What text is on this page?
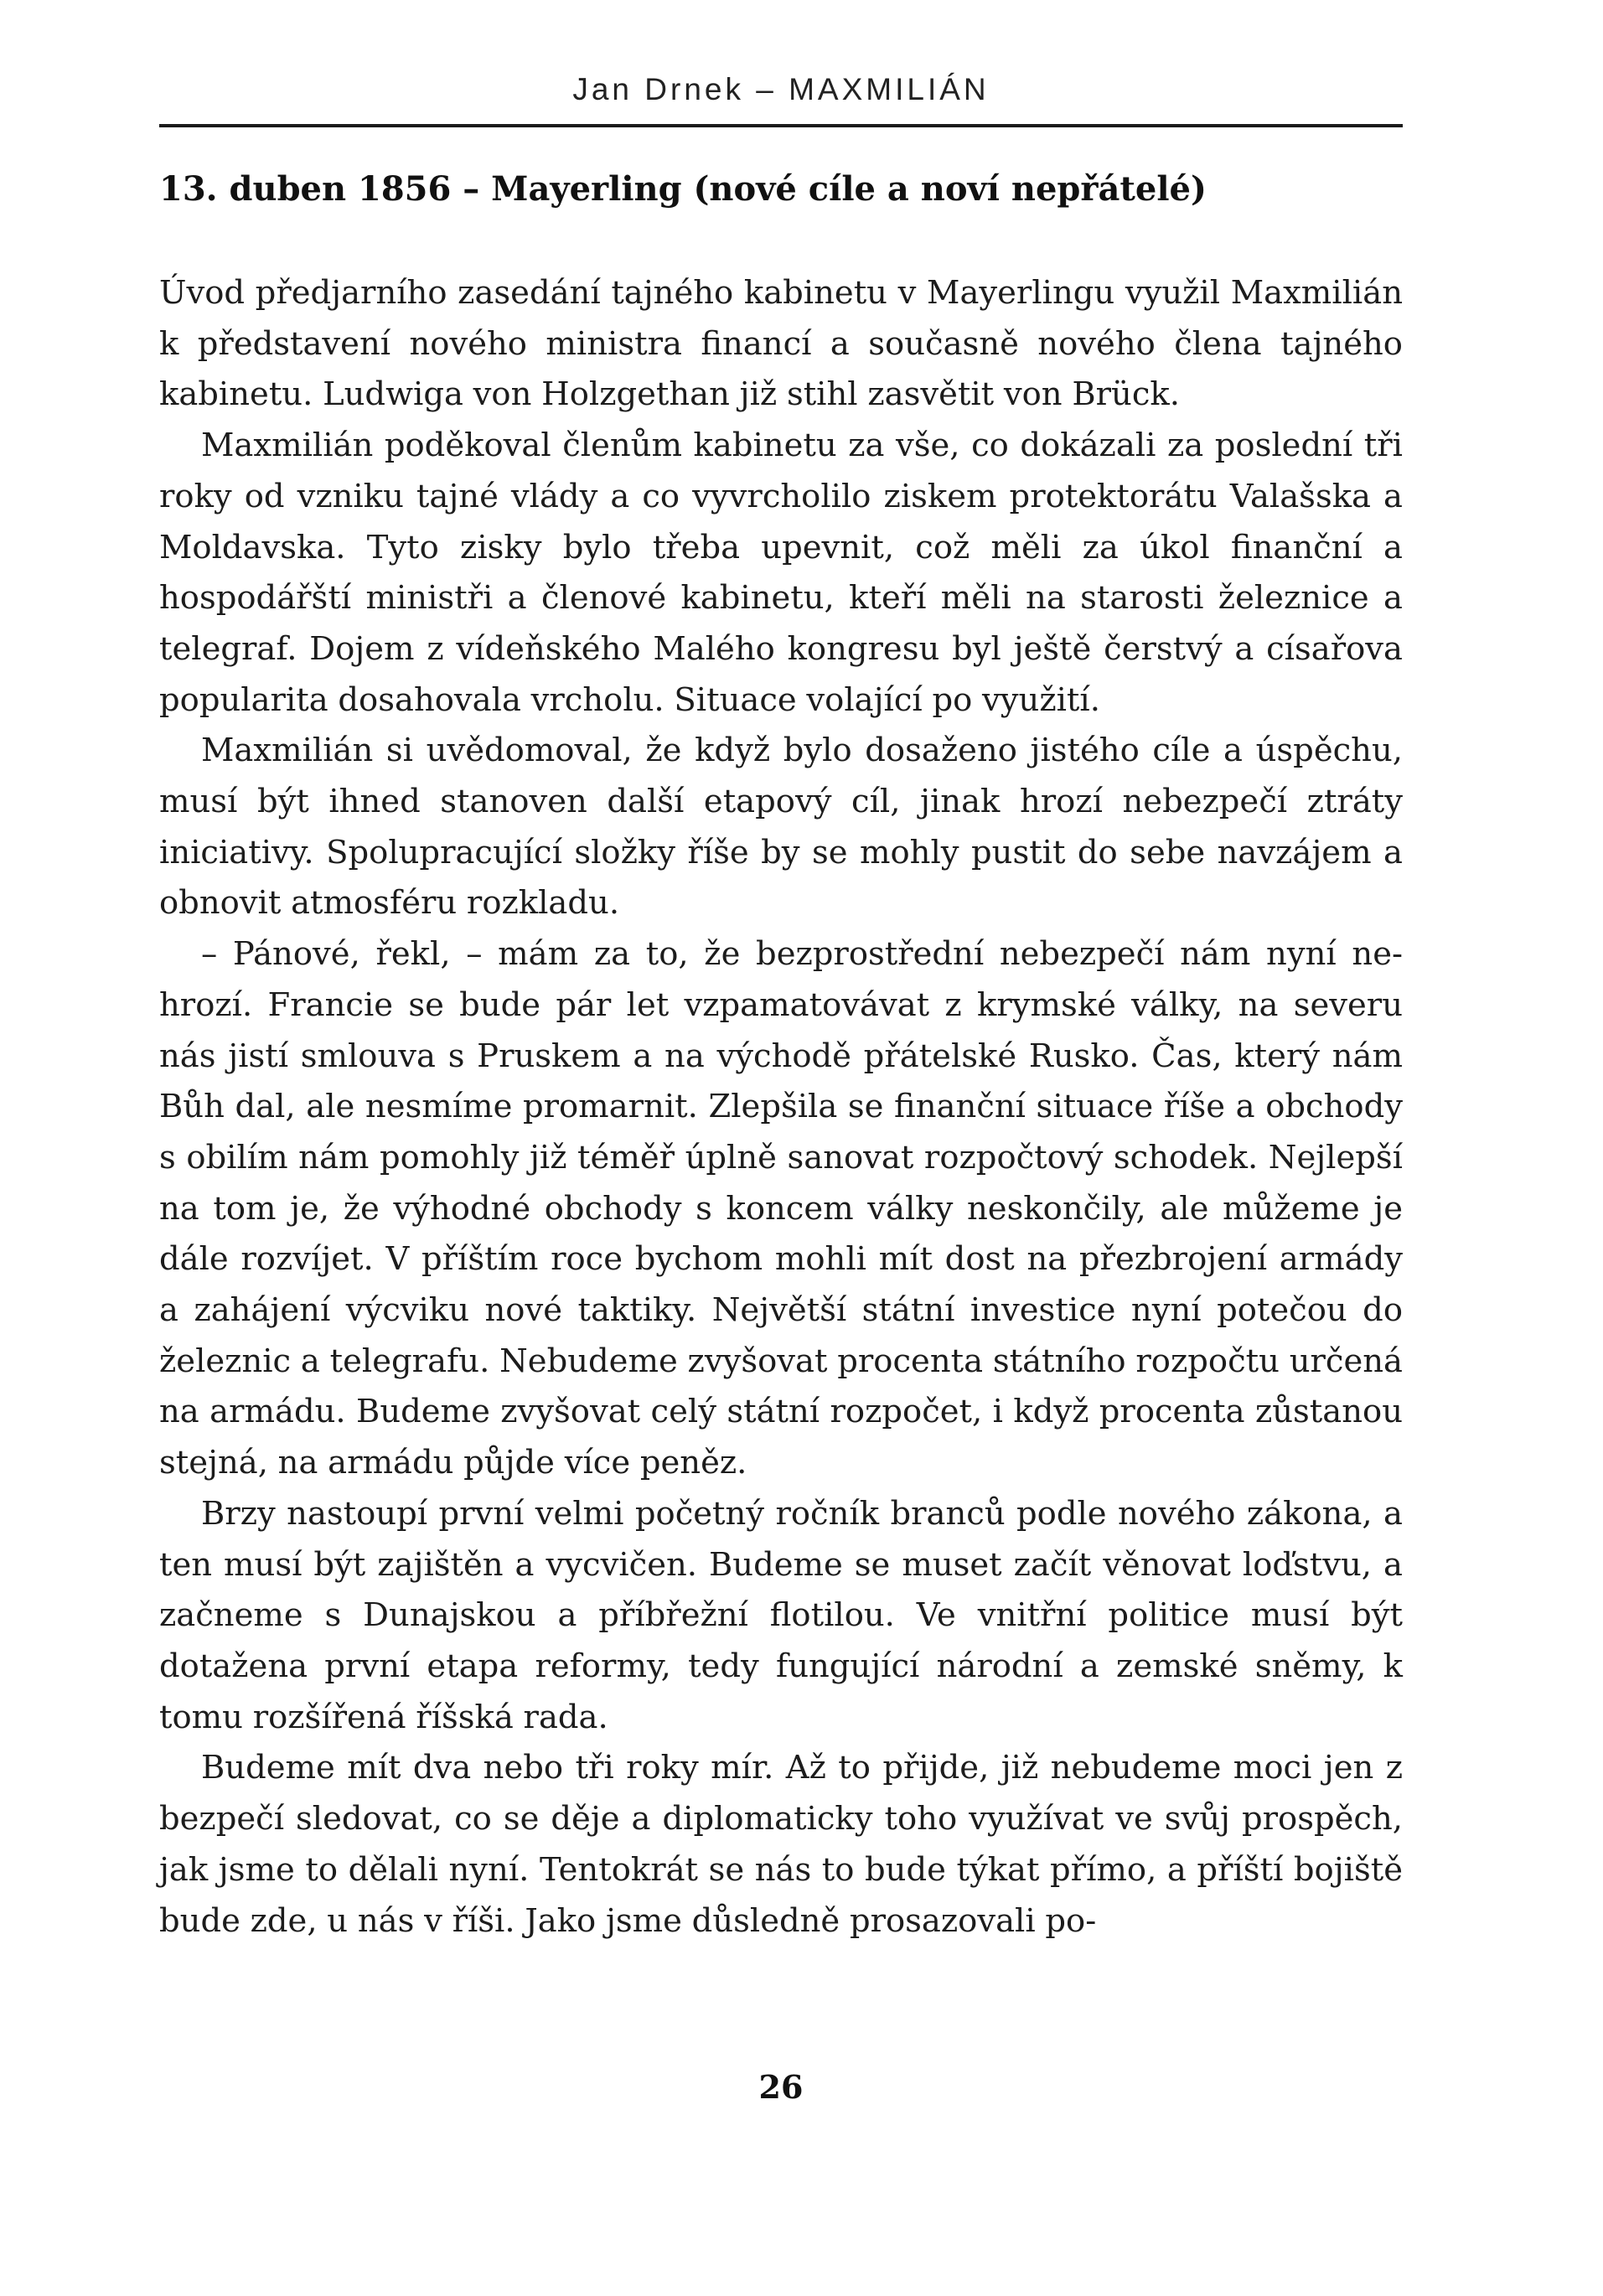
Jan Drnek – MAXMILIÁN
13. duben 1856 – Mayerling (nové cíle a noví nepřátelé)

Úvod předjarního zasedání tajného kabinetu v Mayerlingu využil Maxmilián k představení nového ministra financí a současně nového člena tajného kabinetu. Ludwiga von Holzgethan již stihl zasvětit von Brück.

Maxmilián poděkoval členům kabinetu za vše, co dokázali za poslední tři roky od vzniku tajné vlády a co vyvrcholilo ziskem protektorátu Valašska a Moldavska. Tyto zisky bylo třeba upevnit, což měli za úkol finanční a hospodářští ministři a členové kabinetu, kteří měli na starosti železnice a telegraf. Dojem z vídeňského Malého kongresu byl ještě čerstvý a císařova popularita dosahovala vrcholu. Situace volající po využití.

Maxmilián si uvědomoval, že když bylo dosaženo jistého cíle a úspěchu, musí být ihned stanoven další etapový cíl, jinak hrozí nebezpečí ztráty iniciativy. Spolupracující složky říše by se mohly pustit do sebe navzájem a obnovit atmosféru rozkladu.

– Pánové, řekl, – mám za to, že bezprostřední nebezpečí nám nyní nehrozí. Francie se bude pár let vzpamatovávat z krymské války, na severu nás jistí smlouva s Pruskem a na východě přátelské Rusko. Čas, který nám Bůh dal, ale nesmíme promarnit. Zlepšila se finanční situace říše a obchody s obilím nám pomohly již téměř úplně sanovat rozpočtový schodek. Nejlepší na tom je, že výhodné obchody s koncem války neskončily, ale můžeme je dále rozvíjet. V příštím roce bychom mohli mít dost na přezbrojení armády a zahájení výcviku nové taktiky. Největší státní investice nyní potečou do železnic a telegrafu. Nebudeme zvyšovat procenta státního rozpočtu určená na armádu. Budeme zvyšovat celý státní rozpočet, i když procenta zůstanou stejná, na armádu půjde více peněz.

Brzy nastoupí první velmi početný ročník branců podle nového zákona, a ten musí být zajištěn a vycvičen. Budeme se muset začít věnovat loďstvu, a začneme s Dunajskou a příbřežní flotilou. Ve vnitřní politice musí být dotažena první etapa reformy, tedy fungující národní a zemské sněmy, k tomu rozšířená říšská rada.

Budeme mít dva nebo tři roky mír. Až to přijde, již nebudeme moci jen z bezpečí sledovat, co se děje a diplomaticky toho využívat ve svůj prospěch, jak jsme to dělali nyní. Tentokrát se nás to bude týkat přímo, a příští bojiště bude zde, u nás v říši. Jako jsme důsledně prosazovali po-

26
